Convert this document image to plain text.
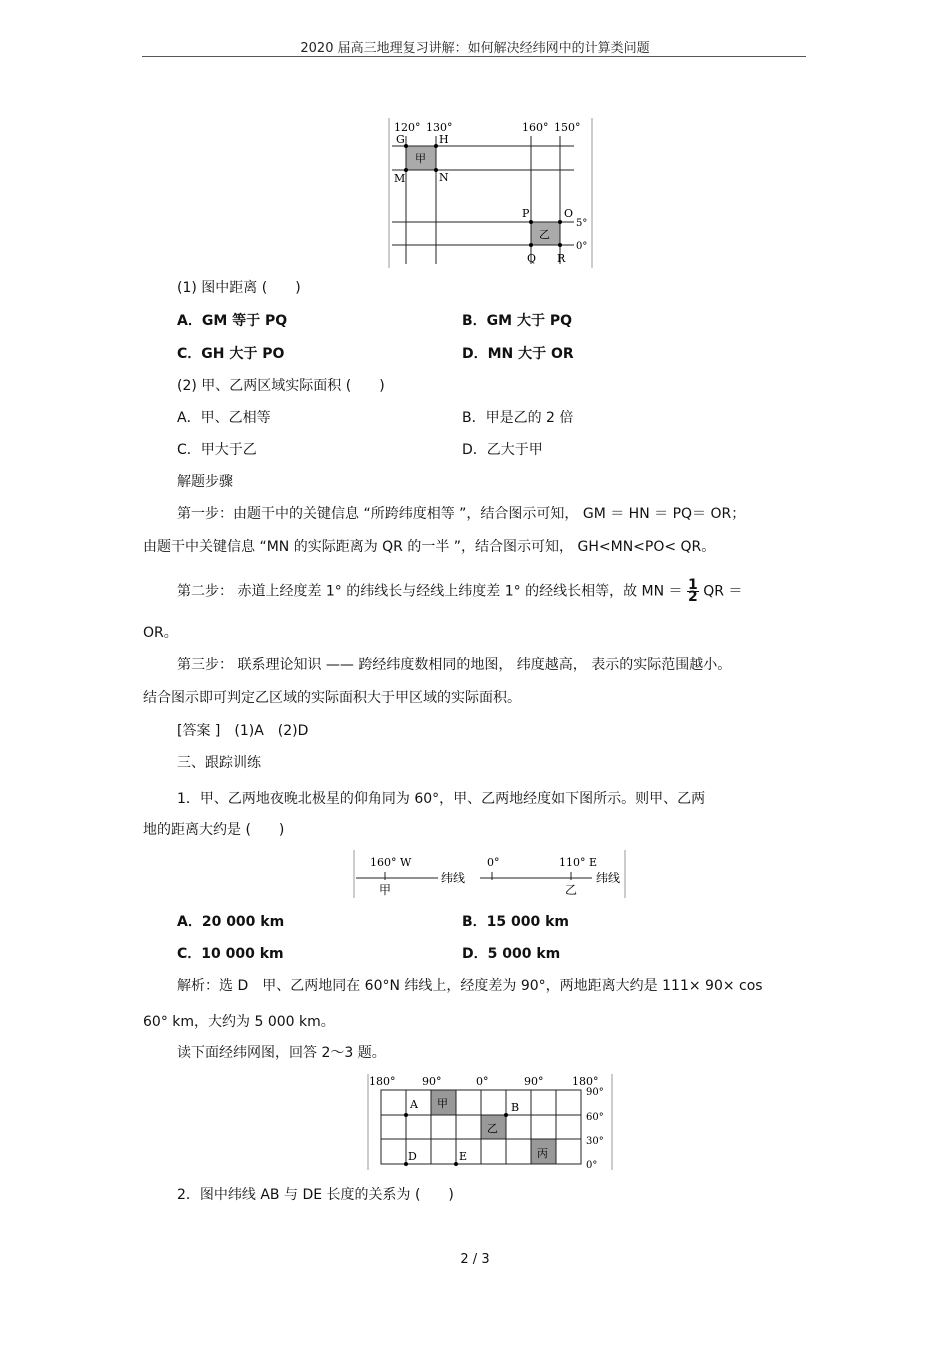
2020 届高三地理复习讲解：如何解决经纬网中的计算类问题
120° 130°	160° 150°
G	H
M	N
P	O
Q R
5°
0°
甲
乙
(1) 图中距离 (　　)
A．GM 等于 PQ	B．GM 大于 PQ
C．GH 大于 PO	D．MN 大于 OR
(2) 甲、乙两区域实际面积 (　　)
A．甲、乙相等	B．甲是乙的 2 倍
C．甲大于乙	D．乙大于甲
解题步骤
第一步：由题干中的关键信息 “所跨纬度相等 ”，结合图示可知， GM ＝ HN ＝ PQ＝ OR；
由题干中关键信息 “MN 的实际距离为 QR 的一半 ”，结合图示可知， GH<MN<PO< QR。
第二步： 赤道上经度差 1° 的纬线长与经线上纬度差 1° 的经线长相等，故 MN ＝ $\frac{1}{2}$ QR ＝
OR。
第三步： 联系理论知识 —— 跨经纬度数相同的地图， 纬度越高， 表示的实际范围越小。
结合图示即可判定乙区域的实际面积大于甲区域的实际面积。
[答案 ]　(1)A　(2)D
三、跟踪训练
1．甲、乙两地夜晚北极星的仰角同为 60°，甲、乙两地经度如下图所示。则甲、乙两
地的距离大约是 (　　)
160° W	0°	110° E
甲	乙
纬线	纬线
A．20 000 km	B．15 000 km
C．10 000 km	D．5 000 km
解析：选 D　甲、乙两地同在 60°N 纬线上，经度差为 90°，两地距离大约是 111× 90× cos
60° km，大约为 5 000 km。
读下面经纬网图，回答 2～3 题。
180° 90°	0°	90°	180°
90°
60°
30°
0°
A	B
D	E
甲
乙
丙
2．图中纬线 AB 与 DE 长度的关系为 (　　)
2 / 3
